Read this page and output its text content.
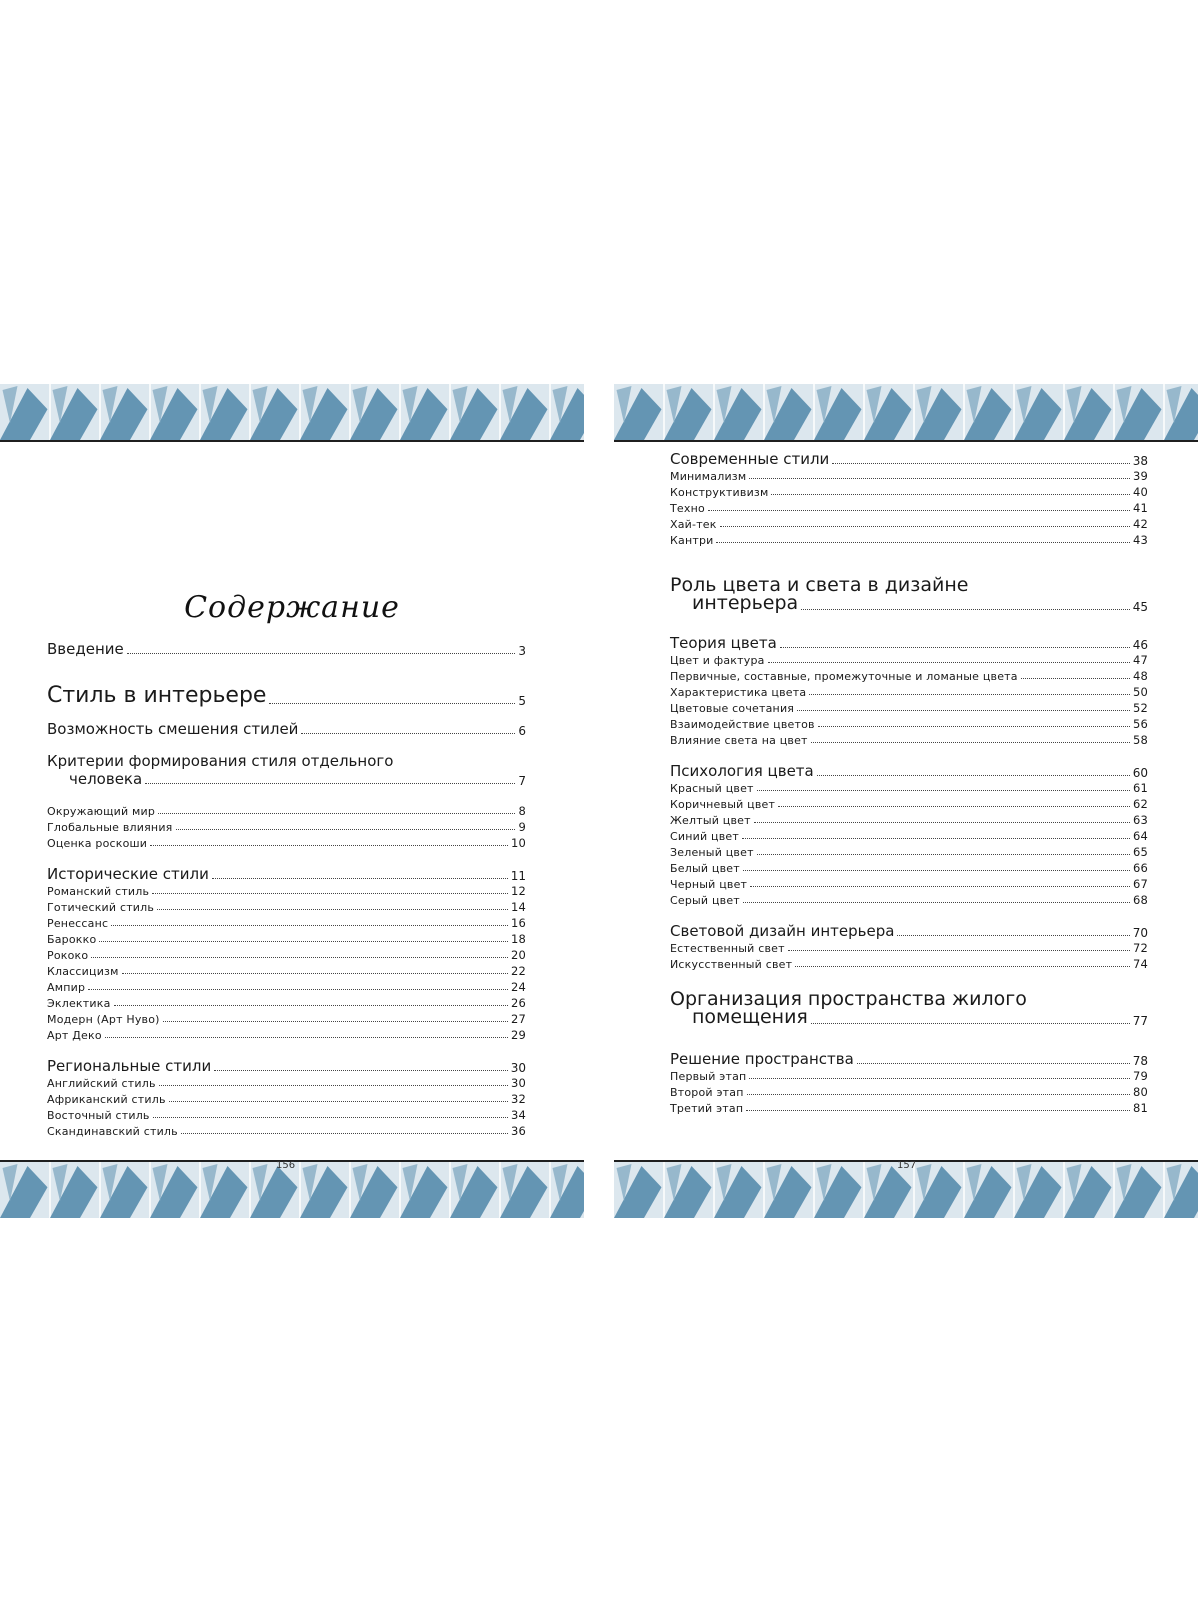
Содержание
Введение	3
Стиль в интерьере	5
Возможность смешения стилей	6
Критерии формирования стиля отдельного
человека	7
Окружающий мир	8
Глобальные влияния	9
Оценка роскоши	10
Исторические стили	11
Романский стиль	12
Готический стиль	14
Ренессанс	16
Барокко	18
Рококо	20
Классицизм	22
Ампир	24
Эклектика	26
Модерн (Арт Нуво)	27
Арт Деко	29
Региональные стили	30
Английский стиль	30
Африканский стиль	32
Восточный стиль	34
Скандинавский стиль	36
156
Современные стили	38
Минимализм	39
Конструктивизм	40
Техно	41
Хай-тек	42
Кантри	43
Роль цвета и света в дизайне
интерьера	45
Теория цвета	46
Цвет и фактура	47
Первичные, составные, промежуточные и ломаные цвета	48
Характеристика цвета	50
Цветовые сочетания	52
Взаимодействие цветов	56
Влияние света на цвет	58
Психология цвета	60
Красный цвет	61
Коричневый цвет	62
Желтый цвет	63
Синий цвет	64
Зеленый цвет	65
Белый цвет	66
Черный цвет	67
Серый цвет	68
Световой дизайн интерьера	70
Естественный свет	72
Искусственный свет	74
Организация пространства жилого
помещения	77
Решение пространства	78
Первый этап	79
Второй этап	80
Третий этап	81
157
